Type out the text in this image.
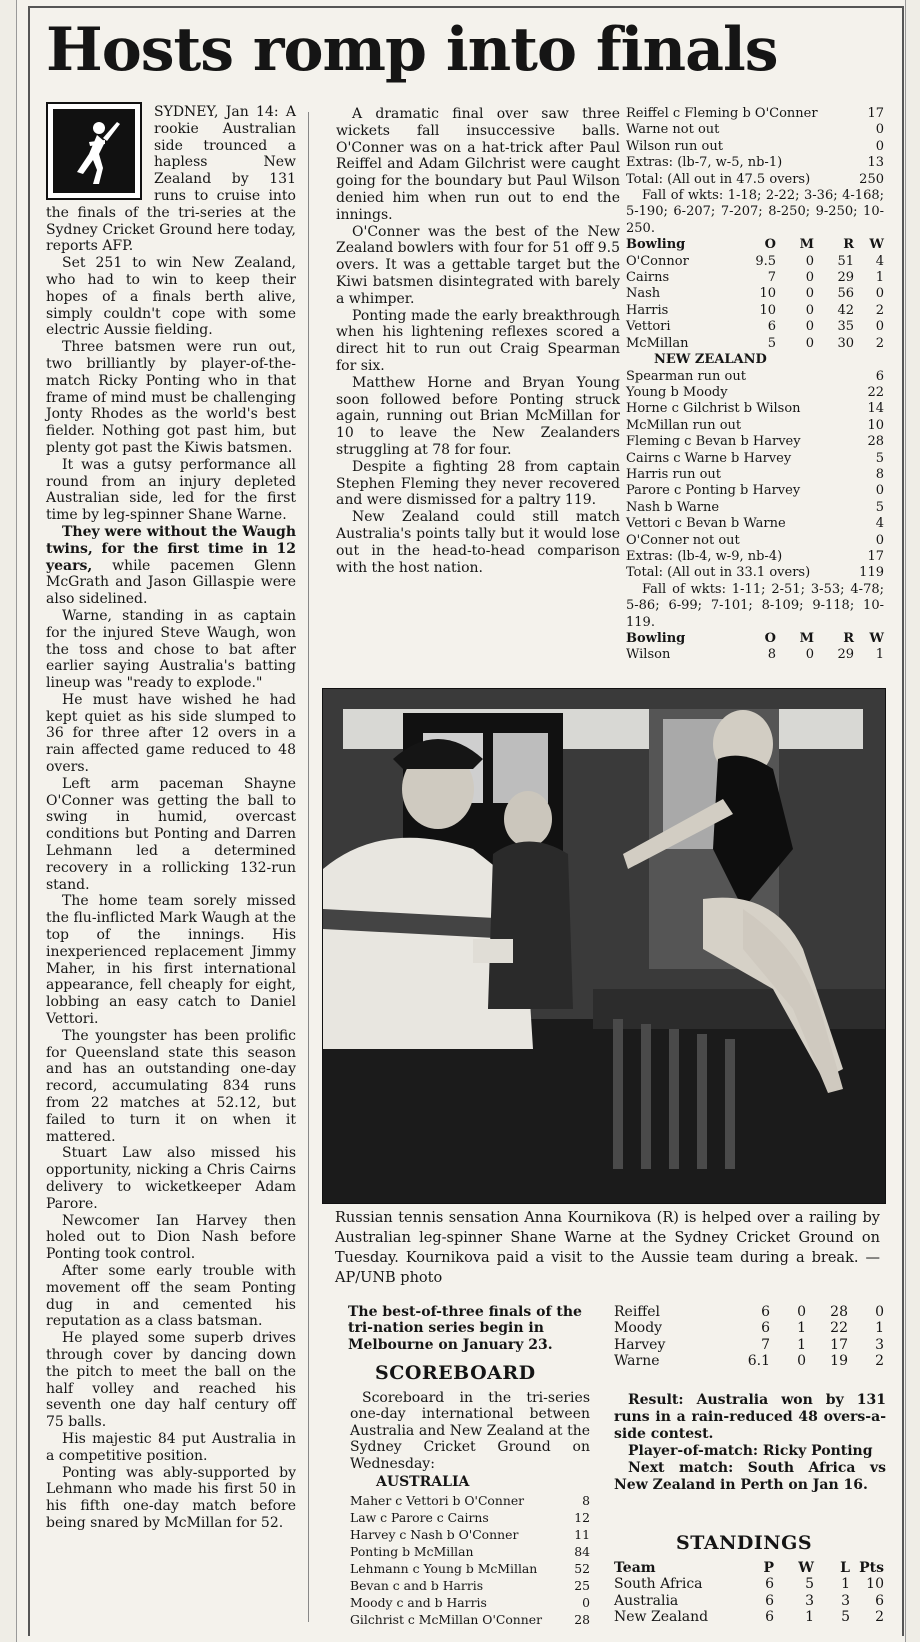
Hosts romp into finals

SYDNEY, Jan 14: A rookie Australian side trounced a hapless New Zealand by 131 runs to cruise into the finals of the tri-series at the Sydney Cricket Ground here today, reports AFP.

Set 251 to win New Zealand, who had to win to keep their hopes of a finals berth alive, simply couldn't cope with some electric Aussie fielding.

Three batsmen were run out, two brilliantly by player-of-the-match Ricky Ponting who in that frame of mind must be challenging Jonty Rhodes as the world's best fielder. Nothing got past him, but plenty got past the Kiwis batsmen.

It was a gutsy performance all round from an injury depleted Australian side, led for the first time by leg-spinner Shane Warne.

They were without the Waugh twins, for the first time in 12 years, while pacemen Glenn McGrath and Jason Gillaspie were also sidelined.

Warne, standing in as captain for the injured Steve Waugh, won the toss and chose to bat after earlier saying Australia's batting lineup was "ready to explode."

He must have wished he had kept quiet as his side slumped to 36 for three after 12 overs in a rain affected game reduced to 48 overs.

Left arm paceman Shayne O'Conner was getting the ball to swing in humid, overcast conditions but Ponting and Darren Lehmann led a determined recovery in a rollicking 132-run stand.

The home team sorely missed the flu-inflicted Mark Waugh at the top of the innings. His inexperienced replacement Jimmy Maher, in his first international appearance, fell cheaply for eight, lobbing an easy catch to Daniel Vettori.

The youngster has been prolific for Queensland state this season and has an outstanding one-day record, accumulating 834 runs from 22 matches at 52.12, but failed to turn it on when it mattered.

Stuart Law also missed his opportunity, nicking a Chris Cairns delivery to wicketkeeper Adam Parore.

Newcomer Ian Harvey then holed out to Dion Nash before Ponting took control.

After some early trouble with movement off the seam Ponting dug in and cemented his reputation as a class batsman.

He played some superb drives through cover by dancing down the pitch to meet the ball on the half volley and reached his seventh one day half century off 75 balls.

His majestic 84 put Australia in a competitive position.

Ponting was ably-supported by Lehmann who made his first 50 in his fifth one-day match before being snared by McMillan for 52.

A dramatic final over saw three wickets fall insuccessive balls. O'Conner was on a hat-trick after Paul Reiffel and Adam Gilchrist were caught going for the boundary but Paul Wilson denied him when run out to end the innings.

O'Conner was the best of the New Zealand bowlers with four for 51 off 9.5 overs. It was a gettable target but the Kiwi batsmen disintegrated with barely a whimper.

Ponting made the early breakthrough when his lightening reflexes scored a direct hit to run out Craig Spearman for six.

Matthew Horne and Bryan Young soon followed before Ponting struck again, running out Brian McMillan for 10 to leave the New Zealanders struggling at 78 for four.

Despite a fighting 28 from captain Stephen Fleming they never recovered and were dismissed for a paltry 119.

New Zealand could still match Australia's points tally but it would lose out in the head-to-head comparison with the host nation.

Reiffel c Fleming b O'Conner	17
Warne not out	0
Wilson run out	0
Extras: (lb-7, w-5, nb-1)	13
Total: (All out in 47.5 overs)	250
Fall of wkts: 1-18; 2-22; 3-36; 4-168; 5-190; 6-207; 7-207; 8-250; 9-250; 10-250.
Bowling	O	M	R	W
O'Connor	9.5	0	51	4
Cairns	7	0	29	1
Nash	10	0	56	0
Harris	10	0	42	2
Vettori	6	0	35	0
McMillan	5	0	30	2
NEW ZEALAND
Spearman run out	6
Young b Moody	22
Horne c Gilchrist b Wilson	14
McMillan run out	10
Fleming c Bevan b Harvey	28
Cairns c Warne b Harvey	5
Harris run out	8
Parore c Ponting b Harvey	0
Nash b Warne	5
Vettori c Bevan b Warne	4
O'Conner not out	0
Extras: (lb-4, w-9, nb-4)	17
Total: (All out in 33.1 overs)	119
Fall of wkts: 1-11; 2-51; 3-53; 4-78; 5-86; 6-99; 7-101; 8-109; 9-118; 10-119.
Bowling	O	M	R	W
Wilson	8	0	29	1
Russian tennis sensation Anna Kournikova (R) is helped over a railing by Australian leg-spinner Shane Warne at the Sydney Cricket Ground on Tuesday. Kournikova paid a visit to the Aussie team during a break. — AP/UNB photo
The best-of-three finals of the tri-nation series begin in Melbourne on January 23.
SCOREBOARD

Scoreboard in the tri-series one-day international between Australia and New Zealand at the Sydney Cricket Ground on Wednesday:

AUSTRALIA
Maher c Vettori b O'Conner	8
Law c Parore c Cairns	12
Harvey c Nash b O'Conner	11
Ponting b McMillan	84
Lehmann c Young b McMillan	52
Bevan c and b Harris	25
Moody c and b Harris	0
Gilchrist c McMillan O'Conner	28
Reiffel	6	0	28	0
Moody	6	1	22	1
Harvey	7	1	17	3
Warne	6.1	0	19	2

Result: Australia won by 131 runs in a rain-reduced 48 overs-a-side contest.

Player-of-match: Ricky Ponting

Next match: South Africa vs New Zealand in Perth on Jan 16.

STANDINGS
Team	P	W	L Pts
South Africa	6	5	1	10
Australia	6	3	3	6
New Zealand	6	1	5	2
